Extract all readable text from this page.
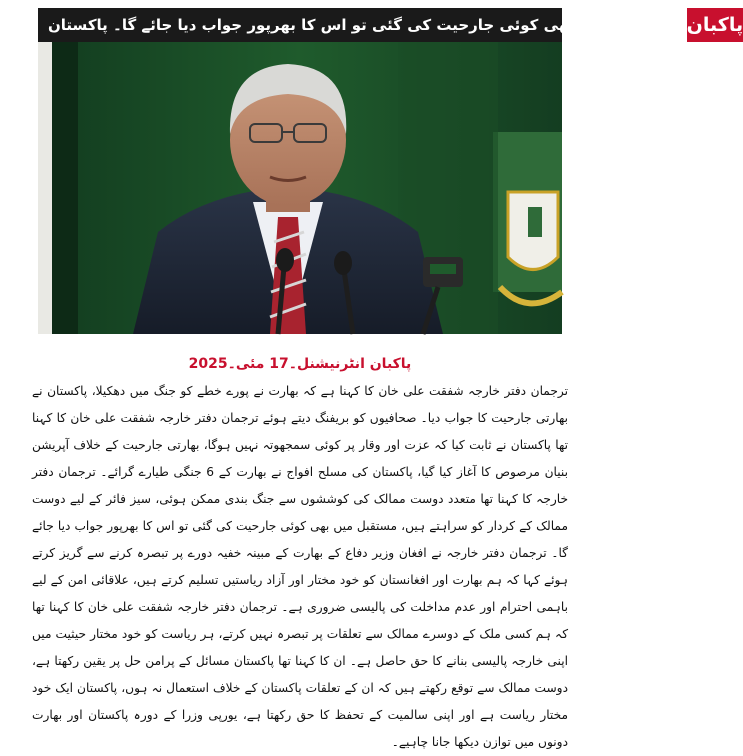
مستقبل میں بھی کوئی جارحیت کی گئی تو اس کا بھرپور جواب دیا جائے گا۔ پاکستان پاکبان
پاکبان انٹرنیشنل۔17 مئی۔2025

ترجمان دفتر خارجہ شفقت علی خان کا کہنا ہے کہ بھارت نے پورے خطے کو جنگ میں دھکیلا، پاکستان نے بھارتی جارحیت کا جواب دیا۔ صحافیوں کو بریفنگ دیتے ہوئے ترجمان دفتر خارجہ شفقت علی خان کا کہنا تھا پاکستان نے ثابت کیا کہ عزت اور وقار پر کوئی سمجھوتہ نہیں ہوگا، بھارتی جارحیت کے خلاف آپریشن بنیان مرصوص کا آغاز کیا گیا، پاکستان کی مسلح افواج نے بھارت کے 6 جنگی طیارے گرائے۔ ترجمان دفتر خارجہ کا کہنا تھا متعدد دوست ممالک کی کوششوں سے جنگ بندی ممکن ہوئی، سیز فائر کے لیے دوست ممالک کے کردار کو سراہتے ہیں، مستقبل میں بھی کوئی جارحیت کی گئی تو اس کا بھرپور جواب دیا جائے گا۔ ترجمان دفتر خارجہ نے افغان وزیر دفاع کے بھارت کے مبینہ خفیہ دورے پر تبصرہ کرنے سے گریز کرتے ہوئے کہا کہ ہم بھارت اور افغانستان کو خود مختار اور آزاد ریاستیں تسلیم کرتے ہیں، علاقائی امن کے لیے باہمی احترام اور عدم مداخلت کی پالیسی ضروری ہے۔ ترجمان دفتر خارجہ شفقت علی خان کا کہنا تھا کہ ہم کسی ملک کے دوسرے ممالک سے تعلقات پر تبصرہ نہیں کرتے، ہر ریاست کو خود مختار حیثیت میں اپنی خارجہ پالیسی بنانے کا حق حاصل ہے۔ ان کا کہنا تھا پاکستان مسائل کے پرامن حل پر یقین رکھتا ہے، دوست ممالک سے توقع رکھتے ہیں کہ ان کے تعلقات پاکستان کے خلاف استعمال نہ ہوں، پاکستان ایک خود مختار ریاست ہے اور اپنی سالمیت کے تحفظ کا حق رکھتا ہے، یورپی وزرا کے دورہ پاکستان اور بھارت دونوں میں توازن دیکھا جانا چاہیے۔
